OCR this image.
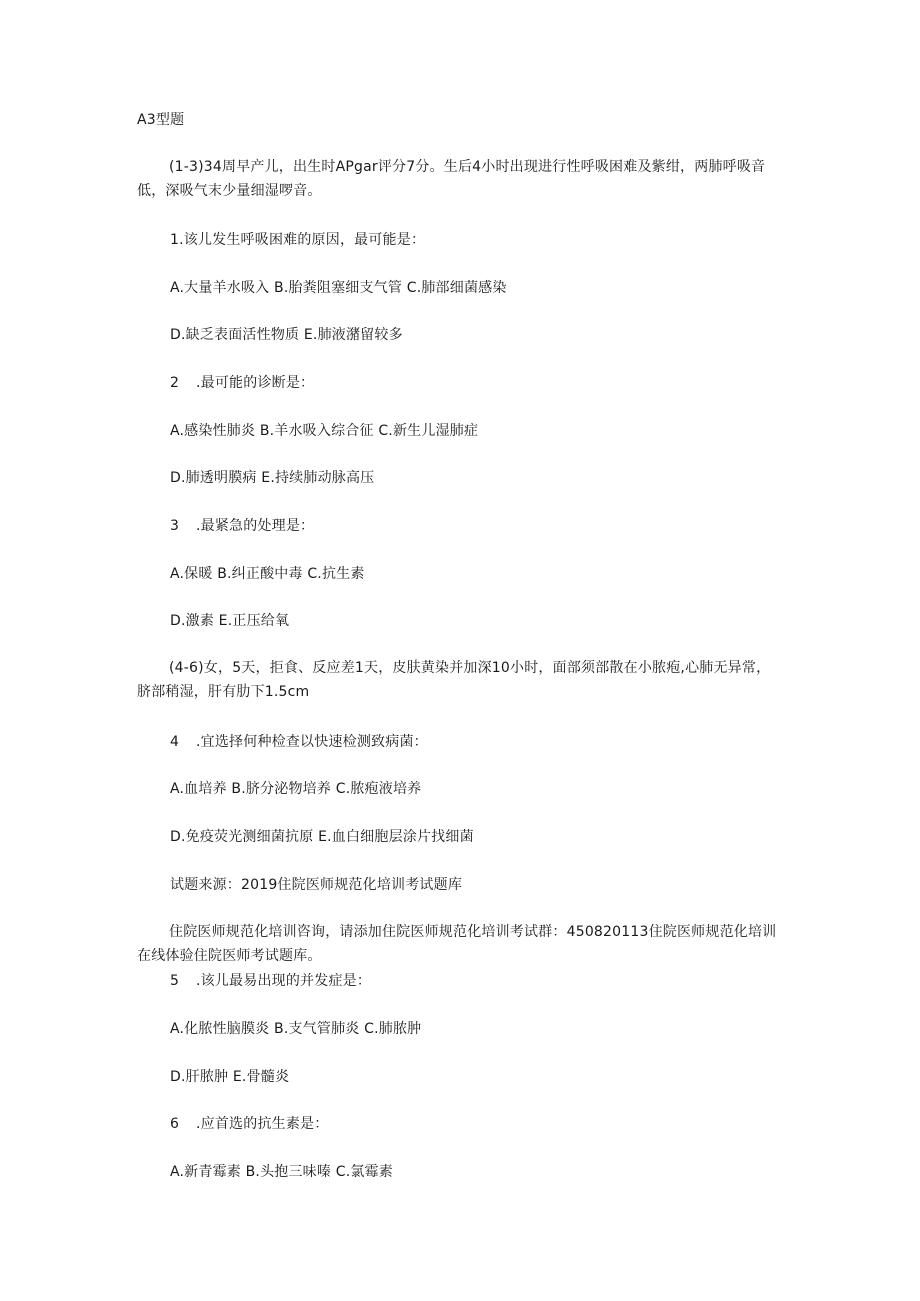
A3型题
(1-3)34周早产儿，出生时APgar评分7分。生后4小时出现进行性呼吸困难及紫绀，两肺呼吸音低，深吸气末少量细湿啰音。
1.该儿发生呼吸困难的原因，最可能是：
A.大量羊水吸入 B.胎粪阻塞细支气管 C.肺部细菌感染
D.缺乏表面活性物质 E.肺液潴留较多
2 .最可能的诊断是：
A.感染性肺炎 B.羊水吸入综合征 C.新生儿湿肺症
D.肺透明膜病 E.持续肺动脉高压
3 .最紧急的处理是：
A.保暖 B.纠正酸中毒 C.抗生素
D.激素 E.正压给氧
(4-6)女，5天，拒食、反应差1天，皮肤黄染并加深10小时，面部须部散在小脓疱,心肺无异常，脐部稍湿，肝有肋下1.5cm
4 .宜选择何种检查以快速检测致病菌：
A.血培养 B.脐分泌物培养 C.脓疱液培养
D.免疫荧光测细菌抗原 E.血白细胞层涂片找细菌
试题来源：2019住院医师规范化培训考试题库
住院医师规范化培训咨询，请添加住院医师规范化培训考试群：450820113住院医师规范化培训在线体验住院医师考试题库。
5 .该儿最易出现的并发症是：
A.化脓性脑膜炎 B.支气管肺炎 C.肺脓肿
D.肝脓肿 E.骨髓炎
6 .应首选的抗生素是：
A.新青霉素 B.头抱三味嗪 C.氯霉素
